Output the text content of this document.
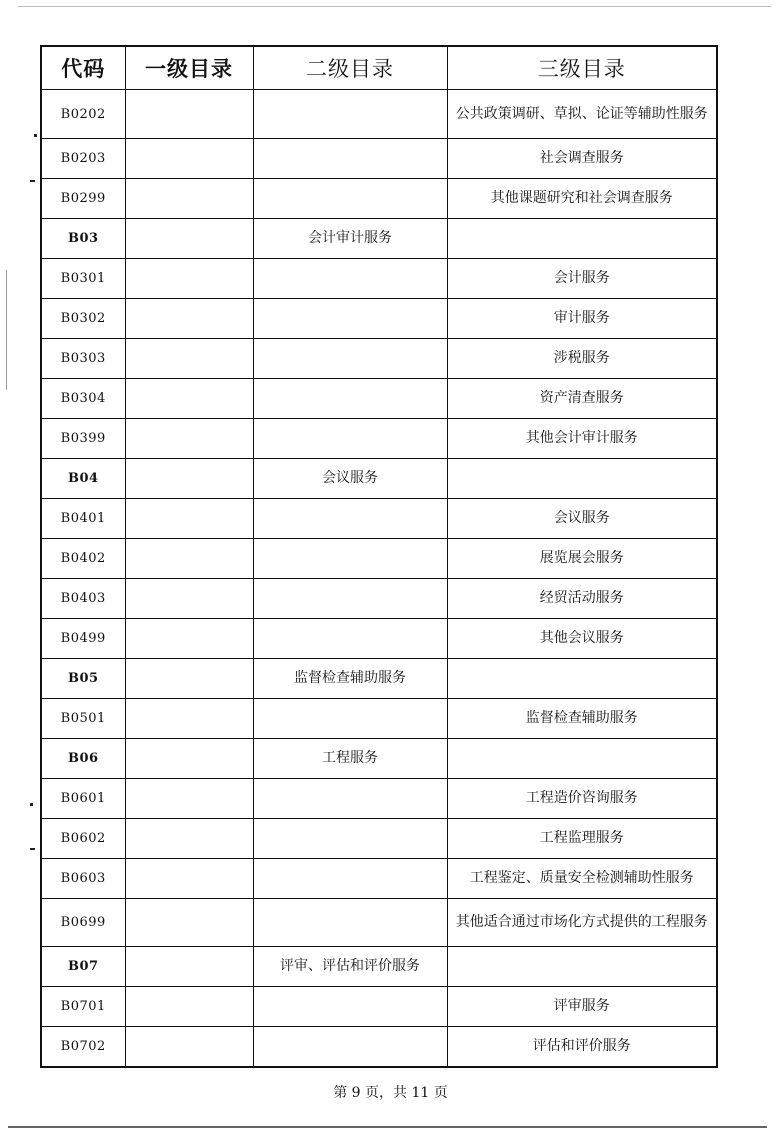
代码	一级目录	二级目录	三级目录
B0202			公共政策调研、草拟、论证等辅助性服务
B0203			社会调查服务
B0299			其他课题研究和社会调查服务
B03		会计审计服务	
B0301			会计服务
B0302			审计服务
B0303			涉税服务
B0304			资产清查服务
B0399			其他会计审计服务
B04		会议服务	
B0401			会议服务
B0402			展览展会服务
B0403			经贸活动服务
B0499			其他会议服务
B05		监督检查辅助服务	
B0501			监督检查辅助服务
B06		工程服务	
B0601			工程造价咨询服务
B0602			工程监理服务
B0603			工程鉴定、质量安全检测辅助性服务
B0699			其他适合通过市场化方式提供的工程服务
B07		评审、评估和评价服务	
B0701			评审服务
B0702			评估和评价服务
第 9 页，共 11 页
